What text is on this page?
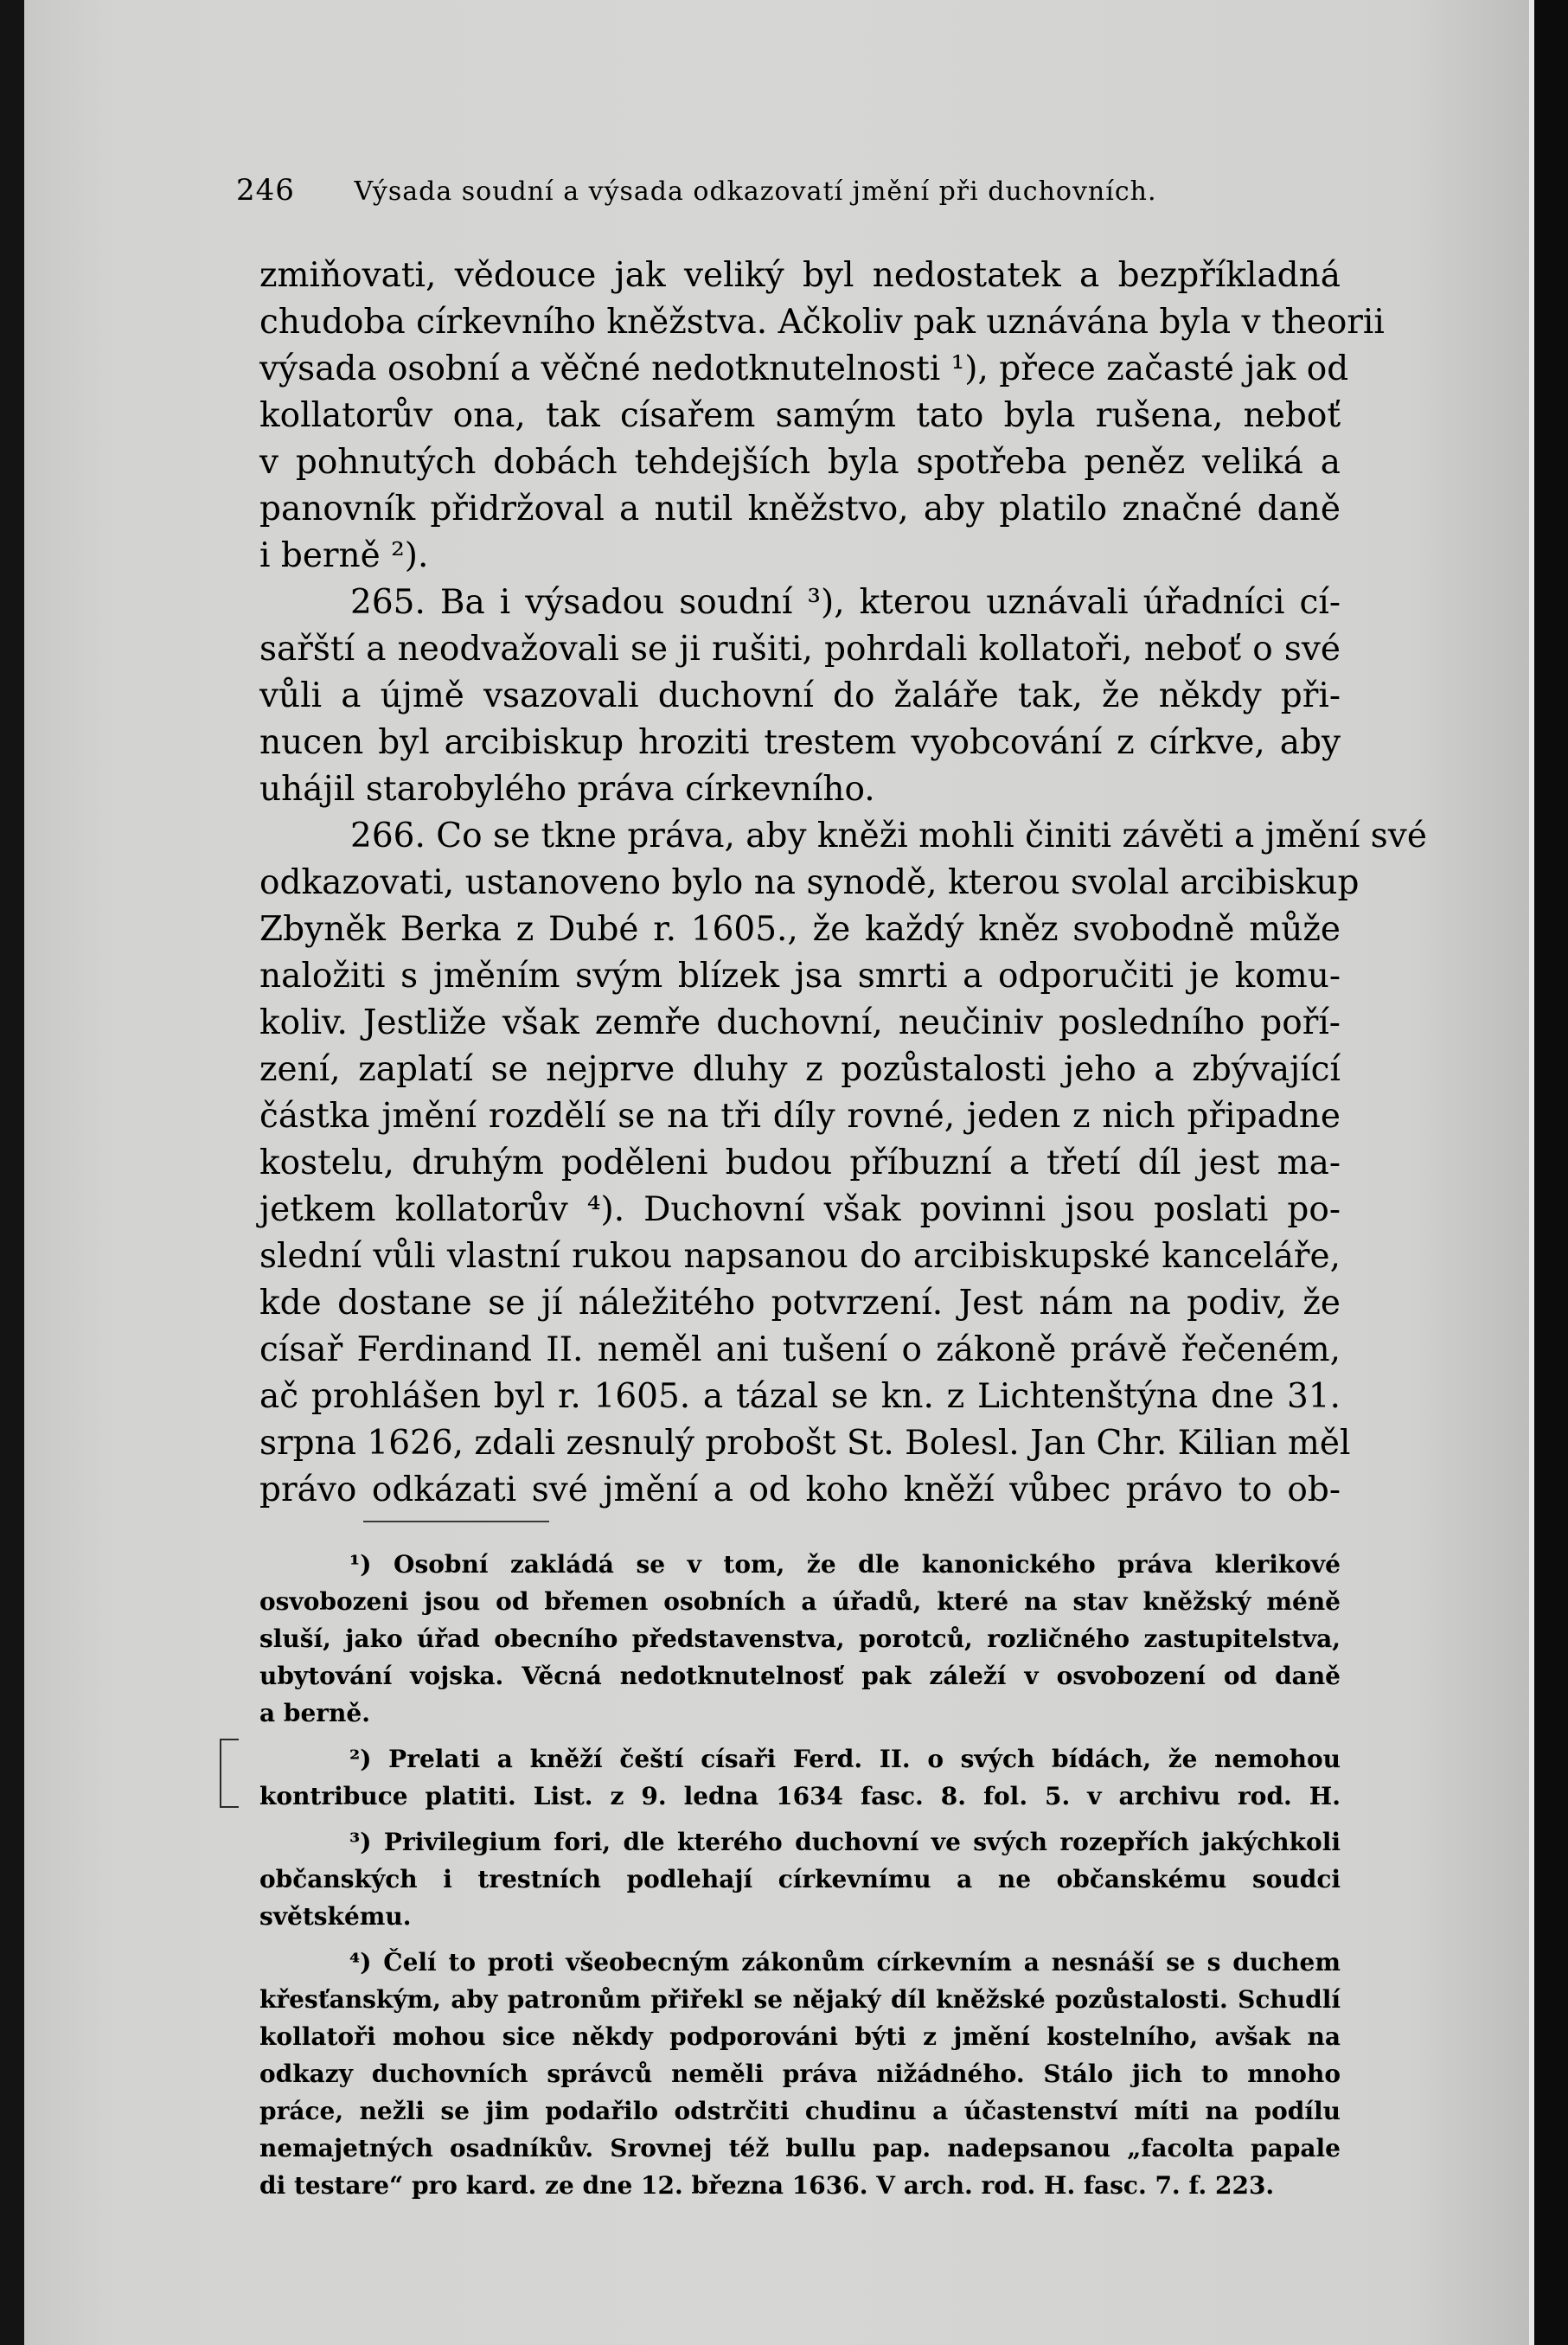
246 Výsada soudní a výsada odkazovatí jmění při duchovních.
zmiňovati, vědouce jak veliký byl nedostatek a bezpříkladná
chudoba církevního kněžstva. Ačkoliv pak uznávána byla v theorii
výsada osobní a věčné nedotknutelnosti ¹), přece začasté jak od
kollatorův ona, tak císařem samým tato byla rušena, neboť
v pohnutých dobách tehdejších byla spotřeba peněz veliká a
panovník přidržoval a nutil kněžstvo, aby platilo značné daně
i berně ²).
265. Ba i výsadou soudní ³), kterou uznávali úřadníci cí-
sařští a neodvažovali se ji rušiti, pohrdali kollatoři, neboť o své
vůli a újmě vsazovali duchovní do žaláře tak, že někdy při-
nucen byl arcibiskup hroziti trestem vyobcování z církve, aby
uhájil starobylého práva církevního.
266. Co se tkne práva, aby kněži mohli činiti závěti a jmění své
odkazovati, ustanoveno bylo na synodě, kterou svolal arcibiskup
Zbyněk Berka z Dubé r. 1605., že každý kněz svobodně může
naložiti s jměním svým blízek jsa smrti a odporučiti je komu-
koliv. Jestliže však zemře duchovní, neučiniv posledního poří-
zení, zaplatí se nejprve dluhy z pozůstalosti jeho a zbývající
částka jmění rozdělí se na tři díly rovné, jeden z nich připadne
kostelu, druhým poděleni budou příbuzní a třetí díl jest ma-
jetkem kollatorův ⁴). Duchovní však povinni jsou poslati po-
slední vůli vlastní rukou napsanou do arcibiskupské kanceláře,
kde dostane se jí náležitého potvrzení. Jest nám na podiv, že
císař Ferdinand II. neměl ani tušení o zákoně právě řečeném,
ač prohlášen byl r. 1605. a tázal se kn. z Lichtenštýna dne 31.
srpna 1626, zdali zesnulý probošt St. Bolesl. Jan Chr. Kilian měl
právo odkázati své jmění a od koho kněží vůbec právo to ob-
¹) Osobní zakládá se v tom, že dle kanonického práva klerikové
osvobozeni jsou od břemen osobních a úřadů, které na stav kněžský méně
sluší, jako úřad obecního představenstva, porotců, rozličného zastupitelstva,
ubytování vojska. Věcná nedotknutelnosť pak záleží v osvobození od daně
a berně.
²) Prelati a kněží čeští císaři Ferd. II. o svých bídách, že nemohou
kontribuce platiti. List. z 9. ledna 1634 fasc. 8. fol. 5. v archivu rod. H.
³) Privilegium fori, dle kterého duchovní ve svých rozepřích jakýchkoli
občanských i trestních podlehají církevnímu a ne občanskému soudci
světskému.
⁴) Čelí to proti všeobecným zákonům církevním a nesnáší se s duchem
křesťanským, aby patronům přiřekl se nějaký díl kněžské pozůstalosti. Schudlí
kollatoři mohou sice někdy podporováni býti z jmění kostelního, avšak na
odkazy duchovních správců neměli práva nižádného. Stálo jich to mnoho
práce, nežli se jim podařilo odstrčiti chudinu a účastenství míti na podílu
nemajetných osadníkův. Srovnej též bullu pap. nadepsanou „facolta papale
di testare“ pro kard. ze dne 12. března 1636. V arch. rod. H. fasc. 7. f. 223.
